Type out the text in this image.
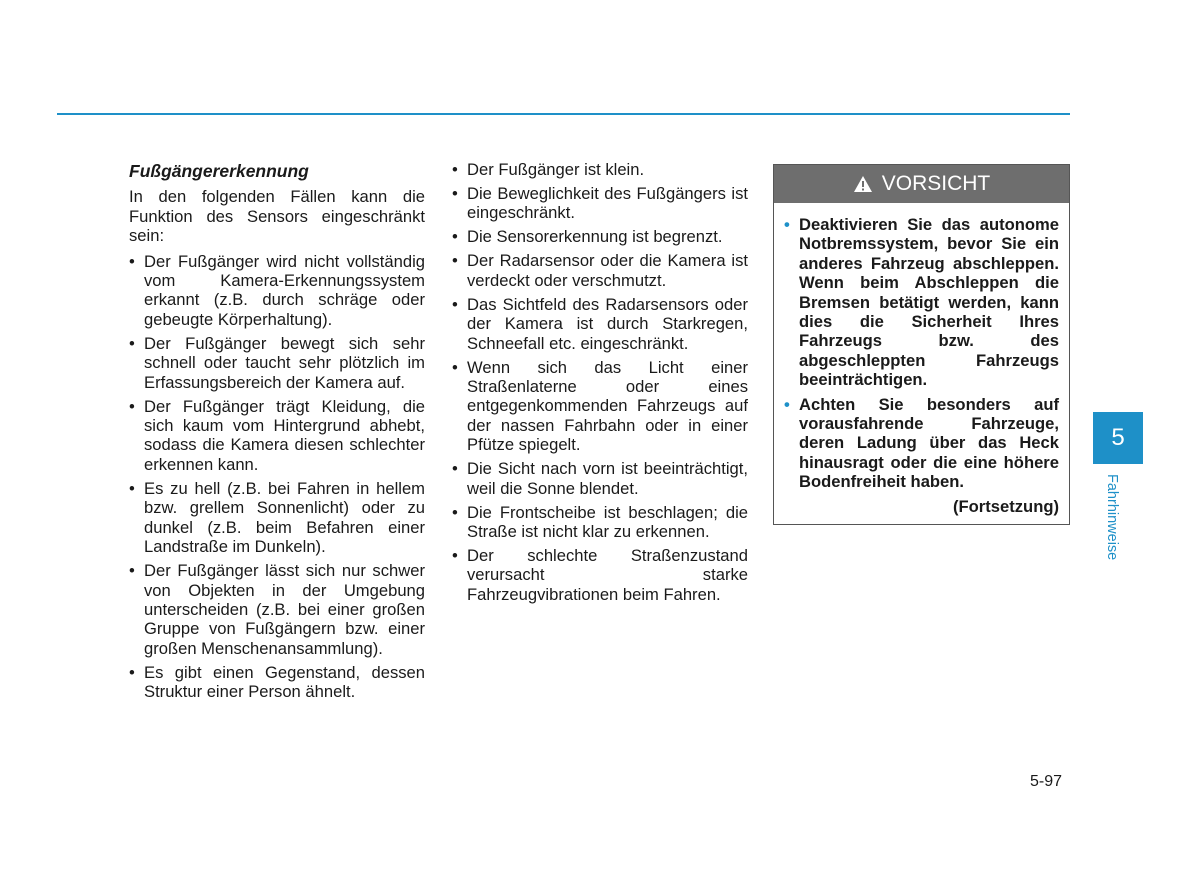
Fußgängererkennung
In den folgenden Fällen kann die Funktion des Sensors eingeschränkt sein:
• Der Fußgänger wird nicht vollständig vom Kamera-Erkennungssystem erkannt (z.B. durch schräge oder gebeugte Körperhaltung).
• Der Fußgänger bewegt sich sehr schnell oder taucht sehr plötzlich im Erfassungsbereich der Kamera auf.
• Der Fußgänger trägt Kleidung, die sich kaum vom Hintergrund abhebt, sodass die Kamera diesen schlechter erkennen kann.
• Es zu hell (z.B. bei Fahren in hellem bzw. grellem Sonnenlicht) oder zu dunkel (z.B. beim Befahren einer Landstraße im Dunkeln).
• Der Fußgänger lässt sich nur schwer von Objekten in der Umgebung unterscheiden (z.B. bei einer großen Gruppe von Fußgängern bzw. einer großen Menschenansammlung).
• Es gibt einen Gegenstand, dessen Struktur einer Person ähnelt.
• Der Fußgänger ist klein.
• Die Beweglichkeit des Fußgängers ist eingeschränkt.
• Die Sensorerkennung ist begrenzt.
• Der Radarsensor oder die Kamera ist verdeckt oder verschmutzt.
• Das Sichtfeld des Radarsensors oder der Kamera ist durch Starkregen, Schneefall etc. eingeschränkt.
• Wenn sich das Licht einer Straßenlaterne oder eines entgegenkommenden Fahrzeugs auf der nassen Fahrbahn oder in einer Pfütze spiegelt.
• Die Sicht nach vorn ist beeinträchtigt, weil die Sonne blendet.
• Die Frontscheibe ist beschlagen; die Straße ist nicht klar zu erkennen.
• Der schlechte Straßenzustand verursacht starke Fahrzeugvibrationen beim Fahren.
VORSICHT
• Deaktivieren Sie das autonome Notbremssystem, bevor Sie ein anderes Fahrzeug abschleppen. Wenn beim Abschleppen die Bremsen betätigt werden, kann dies die Sicherheit Ihres Fahrzeugs bzw. des abgeschleppten Fahrzeugs beeinträchtigen.
• Achten Sie besonders auf vorausfahrende Fahrzeuge, deren Ladung über das Heck hinausragt oder die eine höhere Bodenfreiheit haben.
(Fortsetzung)
5
Fahrhinweise
5-97
